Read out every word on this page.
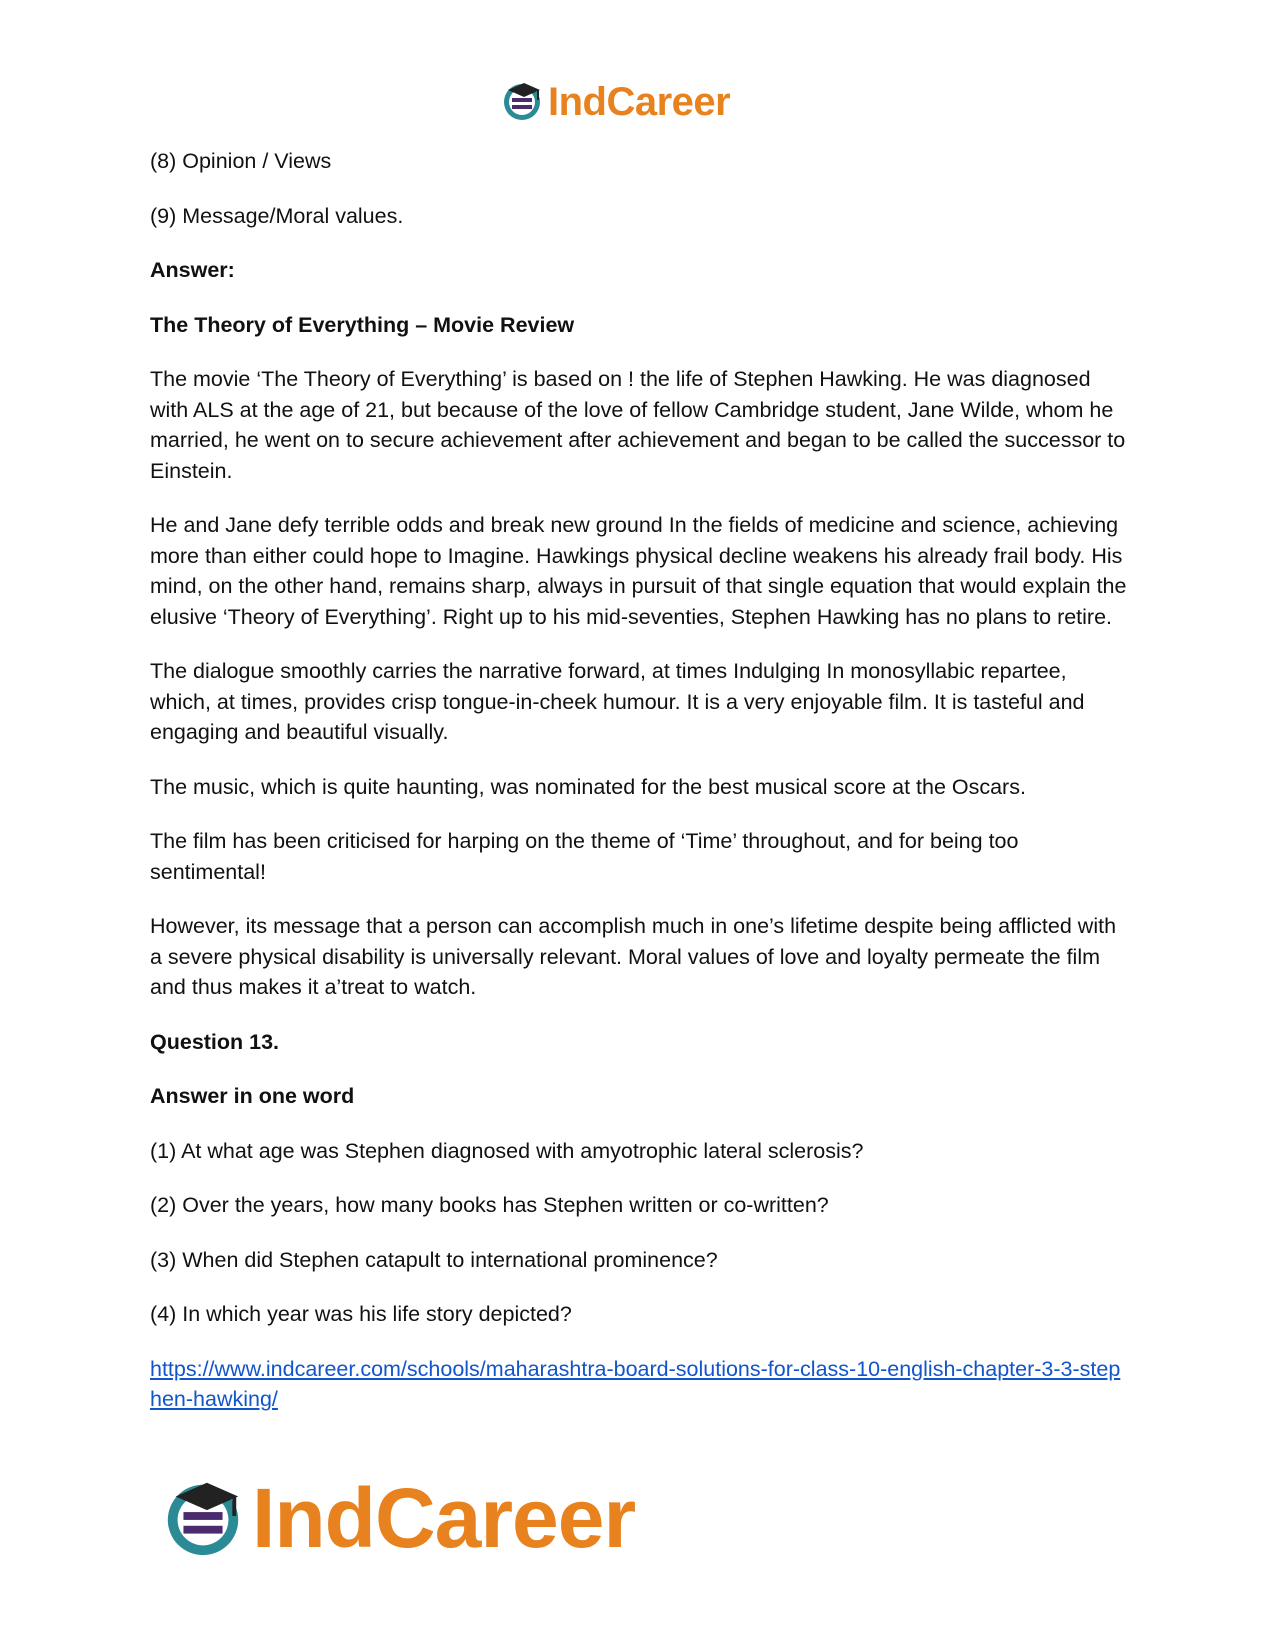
IndCareer

(8) Opinion / Views

(9) Message/Moral values.

Answer:

The Theory of Everything – Movie Review

The movie ‘The Theory of Everything’ is based on ! the life of Stephen Hawking. He was diagnosed with ALS at the age of 21, but because of the love of fellow Cambridge student, Jane Wilde, whom he married, he went on to secure achievement after achievement and began to be called the successor to Einstein.

He and Jane defy terrible odds and break new ground In the fields of medicine and science, achieving more than either could hope to Imagine. Hawkings physical decline weakens his already frail body. His mind, on the other hand, remains sharp, always in pursuit of that single equation that would explain the elusive ‘Theory of Everything’. Right up to his mid-seventies, Stephen Hawking has no plans to retire.

The dialogue smoothly carries the narrative forward, at times Indulging In monosyllabic repartee, which, at times, provides crisp tongue-in-cheek humour. It is a very enjoyable film. It is tasteful and engaging and beautiful visually.

The music, which is quite haunting, was nominated for the best musical score at the Oscars.

The film has been criticised for harping on the theme of ‘Time’ throughout, and for being too sentimental!

However, its message that a person can accomplish much in one’s lifetime despite being afflicted with a severe physical disability is universally relevant. Moral values of love and loyalty permeate the film and thus makes it a’treat to watch.

Question 13.

Answer in one word

(1) At what age was Stephen diagnosed with amyotrophic lateral sclerosis?

(2) Over the years, how many books has Stephen written or co-written?

(3) When did Stephen catapult to international prominence?

(4) In which year was his life story depicted?

https://www.indcareer.com/schools/maharashtra-board-solutions-for-class-10-english-chapter-3-3-stephen-hawking/

IndCareer
